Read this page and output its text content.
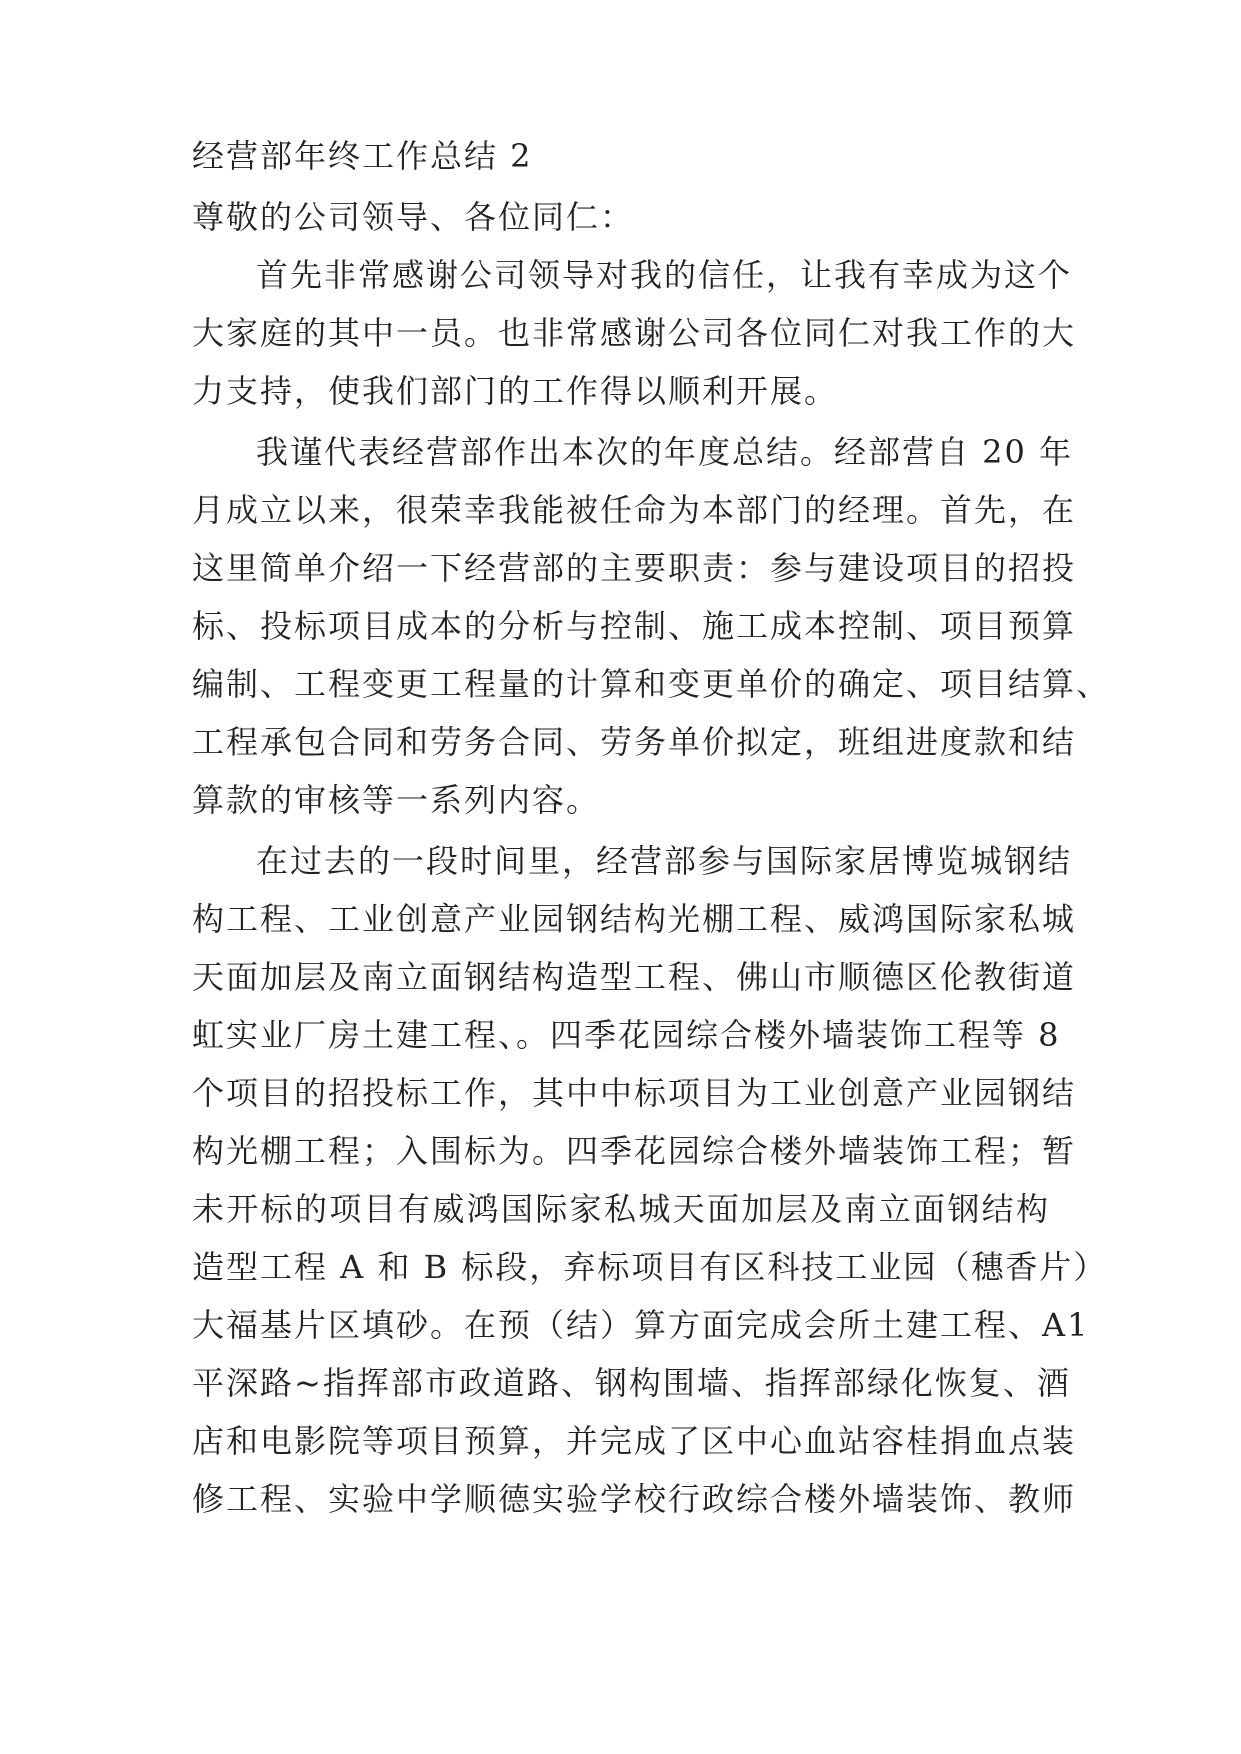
经营部年终工作总结 2
尊敬的公司领导、各位同仁：
首先非常感谢公司领导对我的信任，让我有幸成为这个
大家庭的其中一员。也非常感谢公司各位同仁对我工作的大
力支持，使我们部门的工作得以顺利开展。
我谨代表经营部作出本次的年度总结。经部营自 20 年
月成立以来，很荣幸我能被任命为本部门的经理。首先，在
这里简单介绍一下经营部的主要职责：参与建设项目的招投
标、投标项目成本的分析与控制、施工成本控制、项目预算
编制、工程变更工程量的计算和变更单价的确定、项目结算、
工程承包合同和劳务合同、劳务单价拟定，班组进度款和结
算款的审核等一系列内容。
在过去的一段时间里，经营部参与国际家居博览城钢结
构工程、工业创意产业园钢结构光棚工程、威鸿国际家私城
天面加层及南立面钢结构造型工程、佛山市顺德区伦教街道
虹实业厂房土建工程、。四季花园综合楼外墙装饰工程等 8
个项目的招投标工作，其中中标项目为工业创意产业园钢结
构光棚工程；入围标为。四季花园综合楼外墙装饰工程；暂
未开标的项目有威鸿国际家私城天面加层及南立面钢结构
造型工程 A 和 B 标段，弃标项目有区科技工业园（穗香片）
大福基片区填砂。在预（结）算方面完成会所土建工程、A1
平深路~指挥部市政道路、钢构围墙、指挥部绿化恢复、酒
店和电影院等项目预算，并完成了区中心血站容桂捐血点装
修工程、实验中学顺德实验学校行政综合楼外墙装饰、教师
